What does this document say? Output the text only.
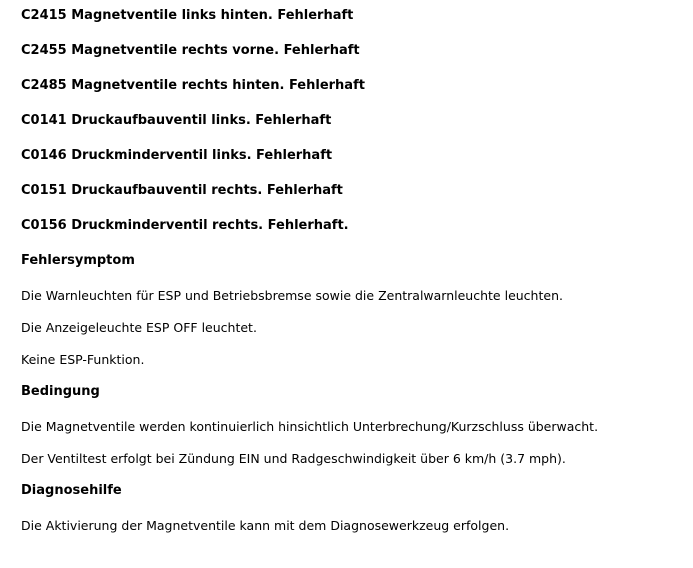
C2415 Magnetventile links hinten. Fehlerhaft
C2455 Magnetventile rechts vorne. Fehlerhaft
C2485 Magnetventile rechts hinten. Fehlerhaft
C0141 Druckaufbauventil links. Fehlerhaft
C0146 Druckminderventil links. Fehlerhaft
C0151 Druckaufbauventil rechts. Fehlerhaft
C0156 Druckminderventil rechts. Fehlerhaft.
Fehlersymptom
Die Warnleuchten für ESP und Betriebsbremse sowie die Zentralwarnleuchte leuchten.
Die Anzeigeleuchte ESP OFF leuchtet.
Keine ESP-Funktion.
Bedingung
Die Magnetventile werden kontinuierlich hinsichtlich Unterbrechung/Kurzschluss überwacht.
Der Ventiltest erfolgt bei Zündung EIN und Radgeschwindigkeit über 6 km/h (3.7 mph).
Diagnosehilfe
Die Aktivierung der Magnetventile kann mit dem Diagnosewerkzeug erfolgen.
